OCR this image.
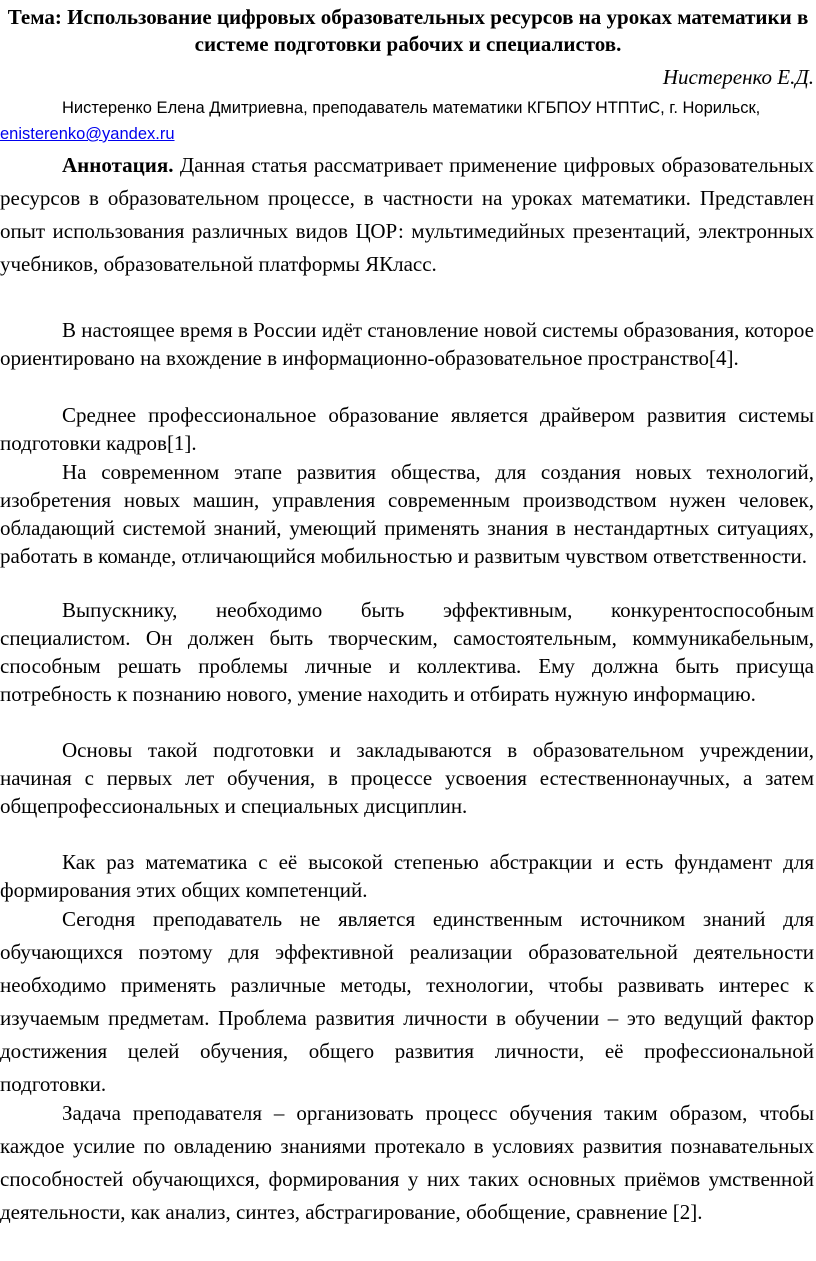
Тема: Использование цифровых образовательных ресурсов на уроках математики в системе подготовки рабочих и специалистов.
Нистеренко Е.Д.
Нистеренко Елена Дмитриевна, преподаватель математики КГБПОУ НТПТиС, г. Норильск, enisterenko@yandex.ru

Аннотация. Данная статья рассматривает применение цифровых образовательных ресурсов в образовательном процессе, в частности на уроках математики. Представлен опыт использования различных видов ЦОР: мультимедийных презентаций, электронных учебников, образовательной платформы ЯКласс.

В настоящее время в России идёт становление новой системы образования, которое ориентировано на вхождение в информационно-образовательное пространство[4].

Среднее профессиональное образование является драйвером развития системы подготовки кадров[1].

На современном этапе развития общества, для создания новых технологий, изобретения новых машин, управления современным производством нужен человек, обладающий системой знаний, умеющий применять знания в нестандартных ситуациях, работать в команде, отличающийся мобильностью и развитым чувством ответственности.

Выпускнику, необходимо быть эффективным, конкурентоспособным специалистом. Он должен быть творческим, самостоятельным, коммуникабельным, способным решать проблемы личные и коллектива. Ему должна быть присуща потребность к познанию нового, умение находить и отбирать нужную информацию.

Основы такой подготовки и закладываются в образовательном учреждении, начиная с первых лет обучения, в процессе усвоения естественнонаучных, а затем общепрофессиональных и специальных дисциплин.

Как раз математика с её высокой степенью абстракции и есть фундамент для формирования этих общих компетенций.

Сегодня преподаватель не является единственным источником знаний для обучающихся поэтому для эффективной реализации образовательной деятельности необходимо применять различные методы, технологии, чтобы развивать интерес к изучаемым предметам. Проблема развития личности в обучении – это ведущий фактор достижения целей обучения, общего развития личности, её профессиональной подготовки.

Задача преподавателя – организовать процесс обучения таким образом, чтобы каждое усилие по овладению знаниями протекало в условиях развития познавательных способностей обучающихся, формирования у них таких основных приёмов умственной деятельности, как анализ, синтез, абстрагирование, обобщение, сравнение [2].
